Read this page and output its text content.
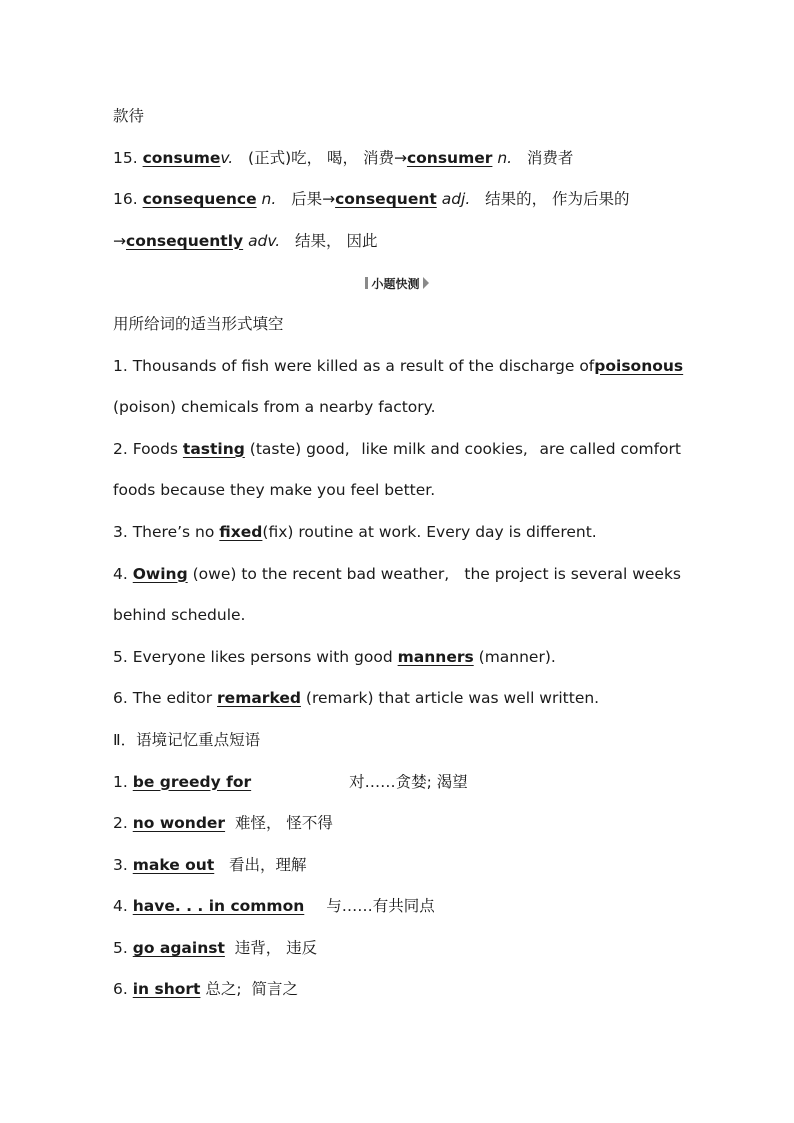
款待
15. consumev. (正式)吃， 喝， 消费→consumer n. 消费者
16. consequence n. 后果→consequent adj. 结果的， 作为后果的
→consequently adv. 结果， 因此
小题快测
用所给词的适当形式填空
1. Thousands of fish were killed as a result of the discharge of poisonous
(poison) chemicals from a nearby factory.
2. Foods tasting (taste) good, like milk and cookies, are called comfort
foods because they make you feel better.
3. There’s no fixed(fix) routine at work. Every day is different.
4. Owing (owe) to the recent bad weather, the project is several weeks
behind schedule.
5. Everyone likes persons with good manners (manner).
6. The editor remarked (remark) that article was well written.
Ⅱ．语境记忆重点短语
1. be greedy for	对……贪婪; 渴望
2. no wonder 难怪， 怪不得
3. make out 看出，理解
4. have. . . in common 与……有共同点
5. go against 违背， 违反
6. in short 总之;  简言之
